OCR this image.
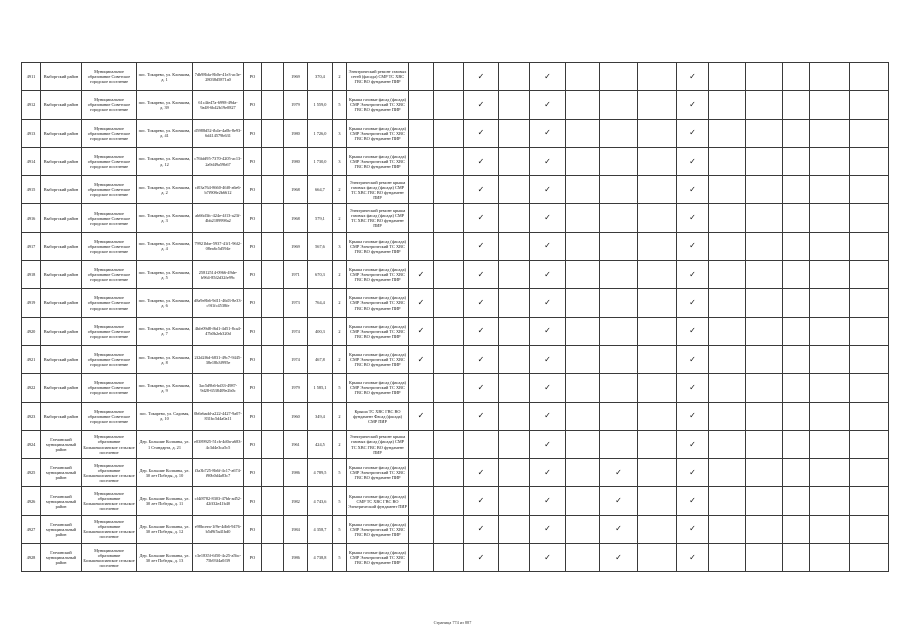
4911	Выборгский район	Муниципальное образование Советское городское поселение	пос. Токарево, ул. Клочкова, д. 1	7db98bfa-8b0e-41e3-ac3e-28038d5871a0	РО		1969	370,4	2	Электрический ремонт газовых сетей (фасада) СМР ТС ХВС ГВС ВО фундамент ПИР			✓		✓				✓					
4912	Выборгский район	Муниципальное образование Советское городское поселение	пос. Токарево, ул. Клочкова, д. 39	61c4fe47a-6998-49da-9a48-6b42b19e0827	РО		1979	1 559,0	5	Крыша газовые фасад (фасада) СМР Электрический ТС ХВС ГВС ВО фундамент ПИР			✓		✓				✓					
4913	Выборгский район	Муниципальное образование Советское городское поселение	пос. Токарево, ул. Клочкова, д. 41	d5988d52-fb4e-4a0b-8e93-6d414579b631	РО		1980	1 726,0	3	Крыша газовые фасад (фасада) СМР Электрический ТС ХВС ГВС ВО фундамент ПИР			✓		✓				✓					
4914	Выборгский район	Муниципальное образование Советское городское поселение	пос. Токарево, ул. Клочкова, д. 12	c76bfd95-7370-4205-ac13-2a9d49a59b67	РО		1980	1 730,0	3	Крыша газовые фасад (фасада) СМР Электрический ТС ХВС ГВС ВО фундамент ПИР			✓		✓				✓					
4915	Выборгский район	Муниципальное образование Советское городское поселение	пос. Токарево, ул. Клочкова, д. 2	cf03a764-8660-46f0-a6e6-b7f908e2b6612	РО		1968	664,7	2	Электрический ремонт крыша газовых фасад (фасада) СМР ТС ХВС ГВС ВО фундамент ПИР			✓		✓				✓					
4916	Выборгский район	Муниципальное образование Советское городское поселение	пос. Токарево, ул. Клочкова, д. 3	ab66d3fc-424e-4f13-a23f-4bb2189998a2	РО		1968	579,1	2	Электрический ремонт крыша газовых фасад (фасада) СМР ТС ХВС ГВС ВО фундамент ПИР			✓		✓				✓					
4917	Выборгский район	Муниципальное образование Советское городское поселение	пос. Токарево, ул. Клочкова, д. 4	79921bbe-5937-41f1-96f2-08ea6c5d594e	РО		1969	567,6	3	Крыша газовые фасад (фасада) СМР Электрический ТС ХВС ГВС ВО фундамент ПИР			✓		✓				✓					
4918	Выборгский район	Муниципальное образование Советское городское поселение	пос. Токарево, ул. Клочкова, д. 5	25812514-0966-49de-b964-85f2d32fe99c	РО		1971	670,3	2	Крыша газовые фасад (фасада) СМР Электрический ТС ХВС ГВС ВО фундамент ПИР	✓		✓		✓				✓					
4919	Выборгский район	Муниципальное образование Советское городское поселение	пос. Токарево, ул. Клочкова, д. 6	d8a9e8b6-9d11-46d3-8e33-c9f1fc4538fe	РО		1973	764,4	2	Крыша газовые фасад (фасада) СМР Электрический ТС ХВС ГВС ВО фундамент ПИР	✓		✓		✓				✓					
4920	Выборгский район	Муниципальное образование Советское городское поселение	пос. Токарево, ул. Клочкова, д. 7	4bfe09d8-f6d1-4d51-8ca4-47b0b2eb320d	РО		1974	400,3	2	Крыша газовые фасад (фасада) СМР Электрический ТС ХВС ГВС ВО фундамент ПИР	✓		✓		✓				✓					
4921	Выборгский район	Муниципальное образование Советское городское поселение	пос. Токарево, ул. Клочкова, д. 8	2f2d2f6d-6831-49c7-9445-38e18b3f995e	РО		1974	467,8	2	Крыша газовые фасад (фасада) СМР Электрический ТС ХВС ГВС ВО фундамент ПИР	✓		✓		✓				✓					
4922	Выборгский район	Муниципальное образование Советское городское поселение	пос. Токарево, ул. Клочкова, д. 9	3ac5d9b6-bd33-4987-9d28-6538409e2b0c	РО		1979	1 585,1	5	Крыша газовые фасад (фасада) СМР Электрический ТС ХВС ГВС ВО фундамент ПИР			✓		✓				✓					
4923	Выборгский район	Муниципальное образование Советское городское поселение	пос. Токарево, ул. Садовая, д. 10	0b6ebadd-a222-4427-9a07-831bc5d4a0a11	РО		1960	349,4	2	Крыша ТС ХВС ГВС ВО фундамент Фасад (фасада) СМР ПИР	✓		✓		✓				✓					
4924	Гатчинский муниципальный район	Муниципальное образование Большеколпанское сельское поселение	Дер. Большие Колпаны, ул. 1 Стандарта, д. 21	e0389925-51cb-4d0a-a683-4c3d4e3ca5c5	РО		1961	424,5	2	Электрический ремонт крыша газовых фасад (фасада) СМР ТС ХВС ГВС ВО фундамент ПИР					✓				✓					
4925	Гатчинский муниципальный район	Муниципальное образование Большеколпанское сельское поселение	Дер. Большие Колпаны, ул. 30 лет Победы, д. 10	f3a3b725-8b6f-4c17-a674-f90b0d4a83c7	РО		1986	4 789,5	5	Крыша газовые фасад (фасада) СМР Электрический ТС ХВС ГВС ВО фундамент ПИР			✓		✓		✓		✓					
4926	Гатчинский муниципальный район	Муниципальное образование Большеколпанское сельское поселение	Дер. Большие Колпаны, ул. 30 лет Победы, д. 11	cf4f8782-8303-47bb-ad52-42ff32e41b40	РО		1982	4 743,6	5	Крыша газовые фасад (фасада) СМР ТС ХВС ГВС ВО Электрический фундамент ПИР			✓		✓		✓		✓					
4927	Гатчинский муниципальный район	Муниципальное образование Большеколпанское сельское поселение	Дер. Большие Колпаны, ул. 30 лет Победы, д. 12	e98bceea-1f9e-4db6-9476-b5d9f5a41bd0	РО		1984	4 358,7	5	Крыша газовые фасад (фасада) СМР Электрический ТС ХВС ГВС ВО фундамент ПИР			✓		✓		✓		✓					
4928	Гатчинский муниципальный район	Муниципальное образование Большеколпанское сельское поселение	Дер. Большие Колпаны, ул. 30 лет Победы, д. 13	c3e1835f-6f50-4c25-a5bc-75b93f4a0f39	РО		1986	4 738,8	5	Крыша газовые фасад (фасада) СМР Электрический ТС ХВС ГВС ВО фундамент ПИР			✓		✓		✓		✓					
Страница 774 из 887
